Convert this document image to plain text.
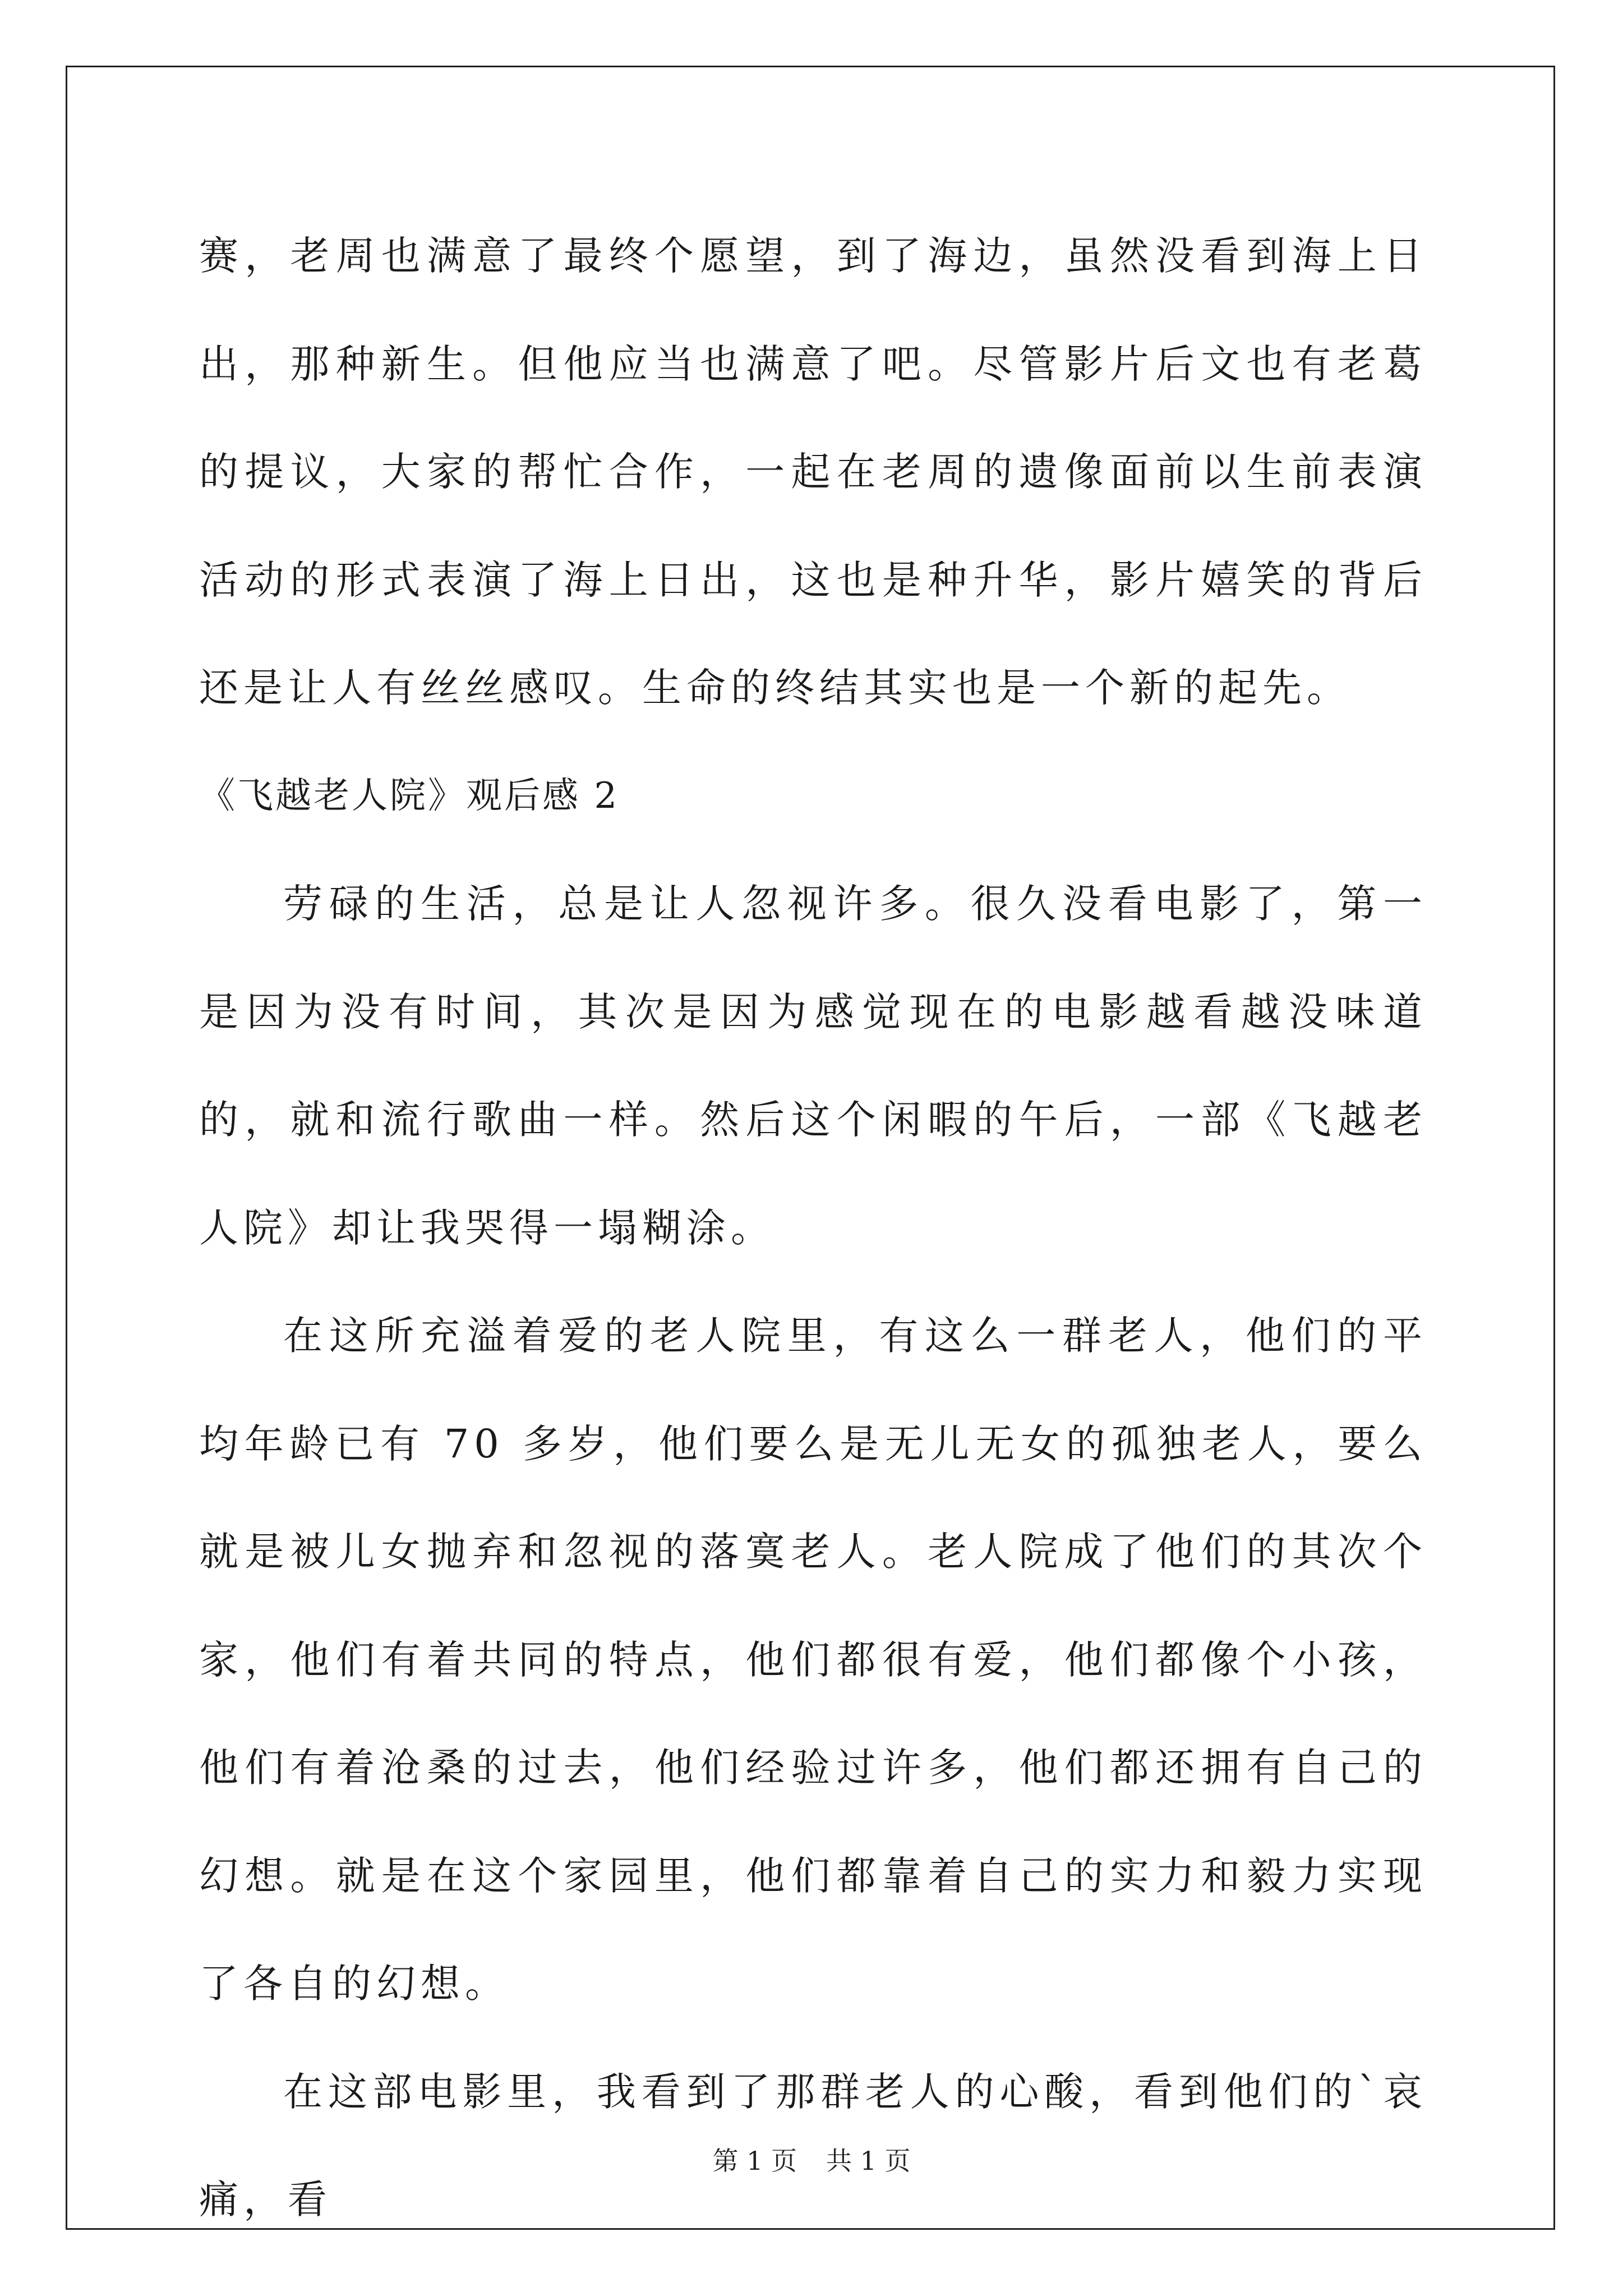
赛，老周也满意了最终个愿望，到了海边，虽然没看到海上日出，那种新生。但他应当也满意了吧。尽管影片后文也有老葛的提议，大家的帮忙合作，一起在老周的遗像面前以生前表演活动的形式表演了海上日出，这也是种升华，影片嬉笑的背后还是让人有丝丝感叹。生命的终结其实也是一个新的起先。

《飞越老人院》观后感 2

劳碌的生活，总是让人忽视许多。很久没看电影了，第一是因为没有时间，其次是因为感觉现在的电影越看越没味道的，就和流行歌曲一样。然后这个闲暇的午后，一部《飞越老人院》却让我哭得一塌糊涂。

在这所充溢着爱的老人院里，有这么一群老人，他们的平均年龄已有 70 多岁，他们要么是无儿无女的孤独老人，要么就是被儿女抛弃和忽视的落寞老人。老人院成了他们的其次个家，他们有着共同的特点，他们都很有爱，他们都像个小孩，他们有着沧桑的过去，他们经验过许多，他们都还拥有自己的幻想。就是在这个家园里，他们都靠着自己的实力和毅力实现了各自的幻想。

在这部电影里，我看到了那群老人的心酸，看到他们的`哀痛，看

第 1 页 共 1 页
